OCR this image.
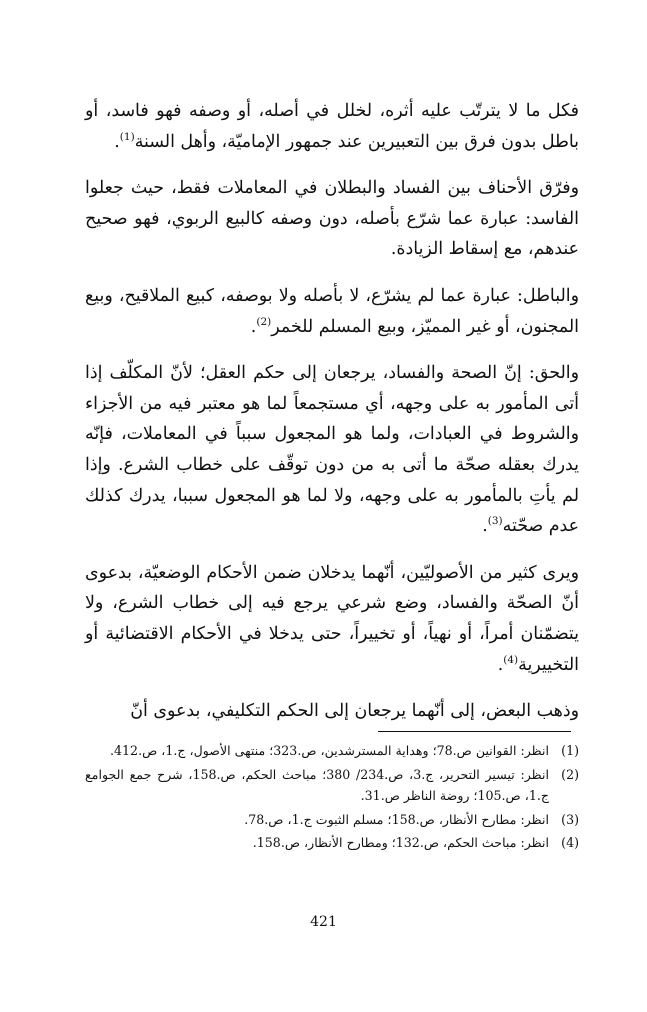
فكل ما لا يترتّب عليه أثره، لخلل في أصله، أو وصفه فهو فاسد، أو باطل بدون فرق بين التعبيرين عند جمهور الإماميّة، وأهل السنة$^{(1)}$.

وفرّق الأحناف بين الفساد والبطلان في المعاملات فقط، حيث جعلوا الفاسد: عبارة عما شرّع بأصله، دون وصفه كالبيع الربوي، فهو صحيح عندهم، مع إسقاط الزيادة.

والباطل: عبارة عما لم يشرّع، لا بأصله ولا بوصفه، كبيع الملاقيح، وبيع المجنون، أو غير المميّز، وبيع المسلم للخمر$^{(2)}$.

والحق: إنّ الصحة والفساد، يرجعان إلى حكم العقل؛ لأنّ المكلّف إذا أتى المأمور به على وجهه، أي مستجمعاً لما هو معتبر فيه من الأجزاء والشروط في العبادات، ولما هو المجعول سبباً في المعاملات، فإنّه يدرك بعقله صحّة ما أتى به من دون توقّف على خطاب الشرع. وإذا لم يأتِ بالمأمور به على وجهه، ولا لما هو المجعول سببا، يدرك كذلك عدم صحّته$^{(3)}$.

ويرى كثير من الأصوليّين، أنّهما يدخلان ضمن الأحكام الوضعيّة، بدعوى أنّ الصحّة والفساد، وضع شرعي يرجع فيه إلى خطاب الشرع، ولا يتضمّنان أمراً، أو نهياً، أو تخييراً، حتى يدخلا في الأحكام الاقتضائية أو التخييرية$^{(4)}$.

وذهب البعض، إلى أنّهما يرجعان إلى الحكم التكليفي، بدعوى أنّ

(1)
انظر: القوانين ص.78؛ وهداية المسترشدين، ص.323؛ منتهى الأصول، ج.1، ص.412.
(2)
انظر: تيسير التحرير، ج.3، ص.234/ 380؛ مباحث الحكم، ص.158، شرح جمع الجوامع ج.1، ص.105؛ روضة الناظر ص.31.
(3)
انظر: مطارح الأنظار، ص.158؛ مسلم الثبوت ج.1، ص.78.
(4)
انظر: مباحث الحكم، ص.132؛ ومطارح الأنظار، ص.158.
421
